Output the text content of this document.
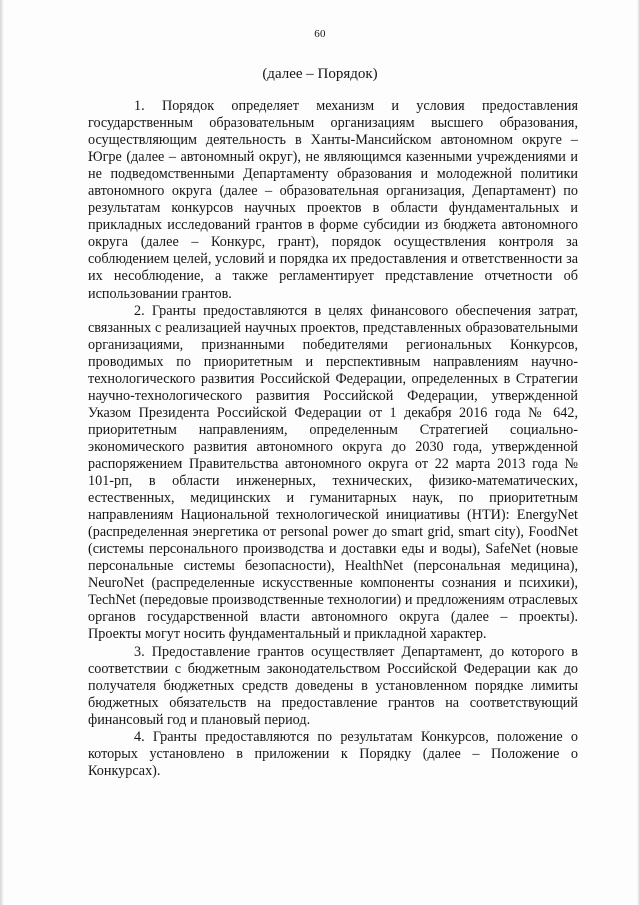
60
(далее – Порядок)

1. Порядок определяет механизм и условия предоставления государственным образовательным организациям высшего образования, осуществляющим деятельность в Ханты-Мансийском автономном округе – Югре (далее – автономный округ), не являющимся казенными учреждениями и не подведомственными Департаменту образования и молодежной политики автономного округа (далее – образовательная организация, Департамент) по результатам конкурсов научных проектов в области фундаментальных и прикладных исследований грантов в форме субсидии из бюджета автономного округа (далее – Конкурс, грант), порядок осуществления контроля за соблюдением целей, условий и порядка их предоставления и ответственности за их несоблюдение, а также регламентирует представление отчетности об использовании грантов.

2. Гранты предоставляются в целях финансового обеспечения затрат, связанных с реализацией научных проектов, представленных образовательными организациями, признанными победителями региональных Конкурсов, проводимых по приоритетным и перспективным направлениям научно-технологического развития Российской Федерации, определенных в Стратегии научно-технологического развития Российской Федерации, утвержденной Указом Президента Российской Федерации от 1 декабря 2016 года № 642, приоритетным направлениям, определенным Стратегией социально-экономического развития автономного округа до 2030 года, утвержденной распоряжением Правительства автономного округа от 22 марта 2013 года № 101-рп, в области инженерных, технических, физико-математических, естественных, медицинских и гуманитарных наук, по приоритетным направлениям Национальной технологической инициативы (НТИ): EnergyNet (распределенная энергетика от personal power до smart grid, smart city), FoodNet (системы персонального производства и доставки еды и воды), SafeNet (новые персональные системы безопасности), HealthNet (персональная медицина), NeuroNet (распределенные искусственные компоненты сознания и психики), TechNet (передовые производственные технологии) и предложениям отраслевых органов государственной власти автономного округа (далее – проекты). Проекты могут носить фундаментальный и прикладной характер.

3. Предоставление грантов осуществляет Департамент, до которого в соответствии с бюджетным законодательством Российской Федерации как до получателя бюджетных средств доведены в установленном порядке лимиты бюджетных обязательств на предоставление грантов на соответствующий финансовый год и плановый период.

4. Гранты предоставляются по результатам Конкурсов, положение о которых установлено в приложении к Порядку (далее – Положение о Конкурсах).
